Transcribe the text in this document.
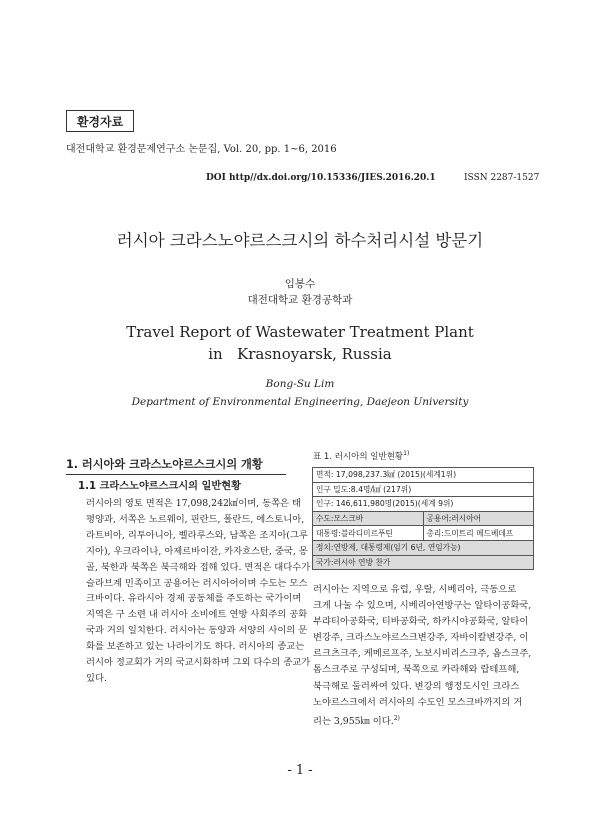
환경자료
대전대학교 환경문제연구소 논문집, Vol. 20, pp. 1~6, 2016
DOI http//dx.doi.org/10.15336/JIES.2016.20.1	ISSN 2287-1527
러시아 크라스노야르스크시의 하수처리시설 방문기
임봉수
대전대학교 환경공학과
Travel Report of Wastewater Treatment Plant
in   Krasnoyarsk, Russia
Bong-Su Lim
Department of Environmental Engineering, Daejeon University
1. 러시아와 크라스노야르스크시의 개황
1.1 크라스노야르스크시의 일반현황
러시아의 영토 면적은 17,098,242㎢이며, 동쪽은 태
평양과, 서쪽은 노르웨이, 핀란드, 폴란드, 에스토니아,
라트비아, 리투아니아, 벨라루스와, 남쪽은 조지아(그루
지아), 우크라이나, 아제르바이잔, 카자흐스탄, 중국, 몽
골, 북한과 북쪽은 북극해와 접해 있다. 면적은 대다수가
슬라브계 민족이고 공용어는 러시아어이며 수도는 모스
크바이다. 유라시아 경제 공동체를 주도하는 국가이며
지역은 구 소련 내 러시아 소비에트 연방 사회주의 공화
국과 거의 일치한다. 러시아는 동양과 서양의 사이의 문
화를 보존하고 있는 나라이기도 하다. 러시아의 종교는
러시아 정교회가 거의 국교시화하며 그외 다수의 종교가
있다.
표 1. 러시아의 일반현황$^{1)}$
면적: 17,098,237.3㎢ (2015)(세계1위)	
인구 밀도:8.4명/㎢ (217위)	
인구: 146,611,980명(2015)(세계 9위)	
수도:모스크바	공용어:러시아어
대통령:블라디미르푸틴	총리:드미트리 메드베데프
정치:연방제, 대통령제(임기 6년, 연임가능)	
국가:러시아 연방 찬가	
러시아는 지역으로 유럽, 우랄, 시베리아, 극동으로
크게 나눌 수 있으며, 시베리아연방구는 알타이공화국,
부랴티아공화국, 티바공화국, 하카시야공화국, 알타이
변강주, 크라스노야르스크변강주, 자바이칼변강주, 이
르크츠크주, 케메르프주, 노보시비리스크주, 옴스크주,
톰스크주로 구성되며, 북쪽으로 카라해와 랍테프해,
북극해로 둘러싸여 있다. 변강의 행정도시인 크라스
노야르스크에서 러시아의 수도인 모스크바까지의 거
리는 3,955㎞ 이다.$^{2)}$
- 1 -
